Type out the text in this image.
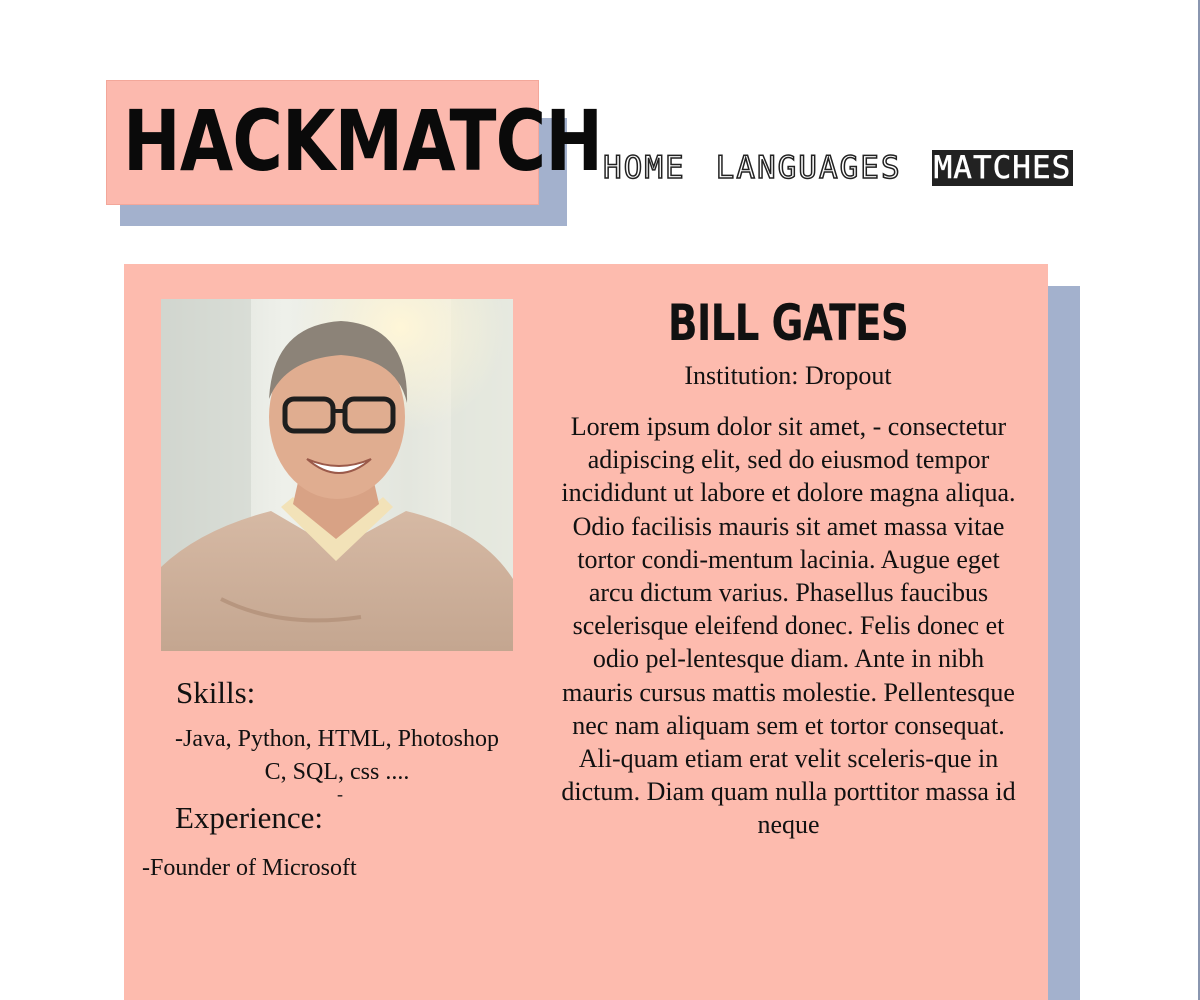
HACKMATCH HOME LANGUAGES MATCHES
Skills:
-Java, Python, HTML, Photoshop
C, SQL, css ....
-
Experience:
-Founder of Microsoft
BILL GATES
Institution: Dropout

Lorem ipsum dolor sit amet, - consectetur adipiscing elit, sed do eiusmod tempor incididunt ut labore et dolore magna aliqua. Odio facilisis mauris sit amet massa vitae tortor condi-mentum lacinia. Augue eget arcu dictum varius. Phasellus faucibus scelerisque eleifend donec. Felis donec et odio pel-lentesque diam. Ante in nibh mauris cursus mattis molestie. Pellentesque nec nam aliquam sem et tortor consequat. Ali-quam etiam erat velit sceleris-que in dictum. Diam quam nulla porttitor massa id neque
